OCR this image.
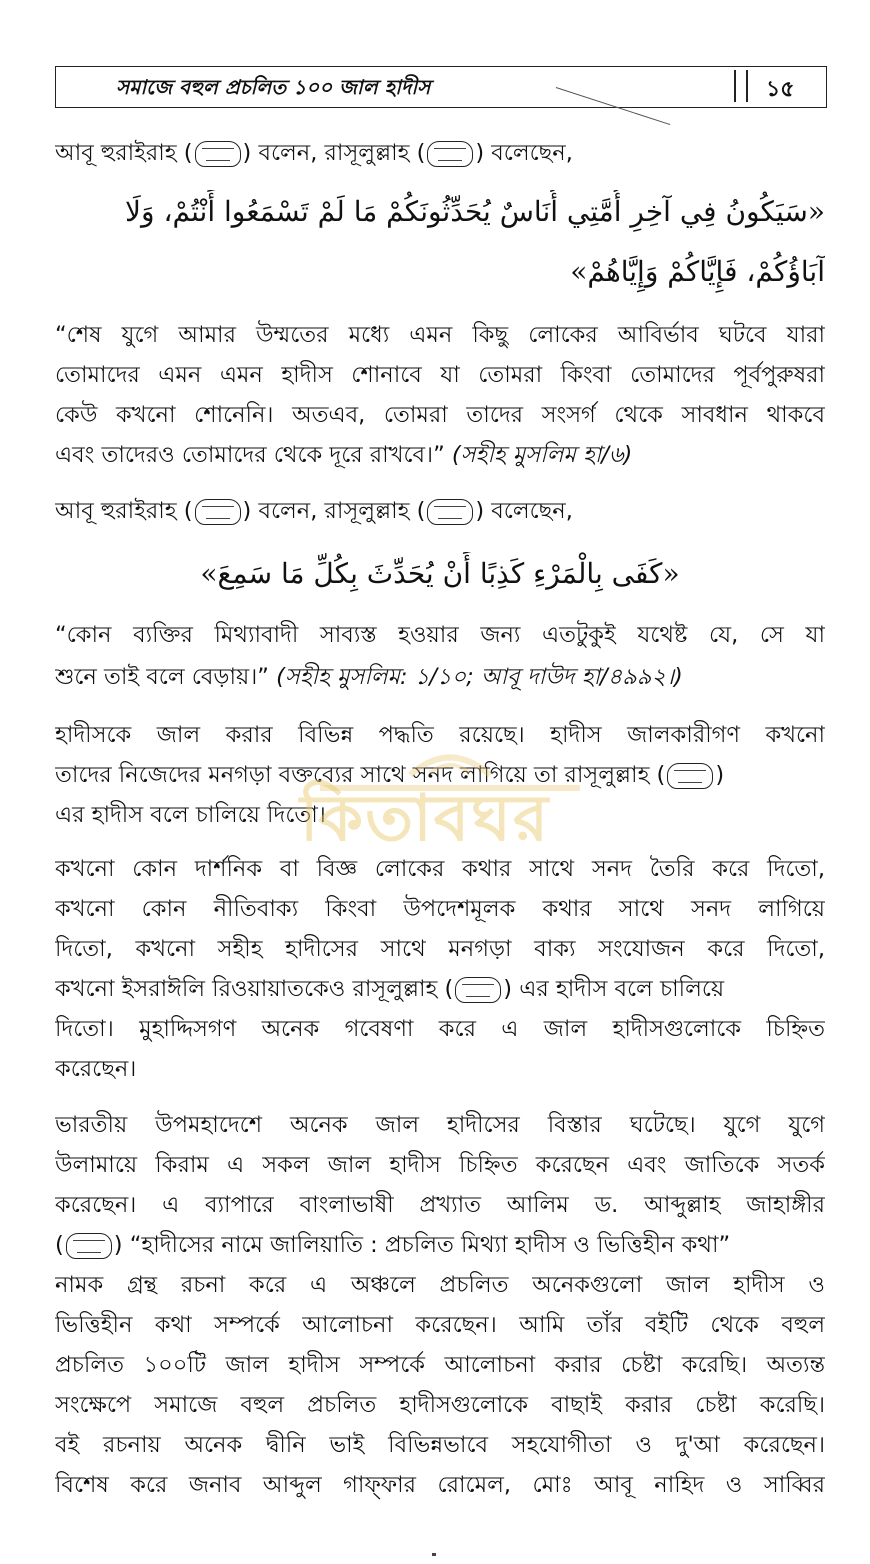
সমাজে বহুল প্রচলিত ১০০ জাল হাদীস	১৫
আবূ হুরাইরাহ ( ) বলেন, রাসূলুল্লাহ ( ) বলেছেন,
«سَيَكُونُ فِي آخِرِ أُمَّتِي أُنَاسٌ يُحَدِّثُونَكُمْ مَا لَمْ تَسْمَعُوا أَنْتُمْ، وَلَا
آبَاؤُكُمْ، فَإِيَّاكُمْ وَإِيَّاهُمْ»
“শেষ যুগে আমার উম্মতের মধ্যে এমন কিছু লোকের আবির্ভাব ঘটবে যারা
তোমাদের এমন এমন হাদীস শোনাবে যা তোমরা কিংবা তোমাদের পূর্বপুরুষরা
কেউ কখনো শোনেনি। অতএব, তোমরা তাদের সংসর্গ থেকে সাবধান থাকবে
এবং তাদেরও তোমাদের থেকে দূরে রাখবে।” (সহীহ মুসলিম হা/৬)
আবূ হুরাইরাহ ( ) বলেন, রাসূলুল্লাহ ( ) বলেছেন,
«كَفَى بِالْمَرْءِ كَذِبًا أَنْ يُحَدِّثَ بِكُلِّ مَا سَمِعَ»
“কোন ব্যক্তির মিথ্যাবাদী সাব্যস্ত হওয়ার জন্য এতটুকুই যথেষ্ট যে, সে যা
শুনে তাই বলে বেড়ায়।” (সহীহ মুসলিম: ১/১০; আবূ দাউদ হা/৪৯৯২।)
হাদীসকে জাল করার বিভিন্ন পদ্ধতি রয়েছে। হাদীস জালকারীগণ কখনো
তাদের নিজেদের মনগড়া বক্তব্যের সাথে সনদ লাগিয়ে তা রাসূলুল্লাহ ( )
এর হাদীস বলে চালিয়ে দিতো।
কখনো কোন দার্শনিক বা বিজ্ঞ লোকের কথার সাথে সনদ তৈরি করে দিতো,
কখনো কোন নীতিবাক্য কিংবা উপদেশমূলক কথার সাথে সনদ লাগিয়ে
দিতো, কখনো সহীহ হাদীসের সাথে মনগড়া বাক্য সংযোজন করে দিতো,
কখনো ইসরাঈলি রিওয়ায়াতকেও রাসূলুল্লাহ ( ) এর হাদীস বলে চালিয়ে
দিতো। মুহাদ্দিসগণ অনেক গবেষণা করে এ জাল হাদীসগুলোকে চিহ্নিত
করেছেন।
ভারতীয় উপমহাদেশে অনেক জাল হাদীসের বিস্তার ঘটেছে। যুগে যুগে
উলামায়ে কিরাম এ সকল জাল হাদীস চিহ্নিত করেছেন এবং জাতিকে সতর্ক
করেছেন। এ ব্যাপারে বাংলাভাষী প্রখ্যাত আলিম ড. আব্দুল্লাহ জাহাঙ্গীর
( ) “হাদীসের নামে জালিয়াতি : প্রচলিত মিথ্যা হাদীস ও ভিত্তিহীন কথা”
নামক গ্রন্থ রচনা করে এ অঞ্চলে প্রচলিত অনেকগুলো জাল হাদীস ও
ভিত্তিহীন কথা সম্পর্কে আলোচনা করেছেন। আমি তাঁর বইটি থেকে বহুল
প্রচলিত ১০০টি জাল হাদীস সম্পর্কে আলোচনা করার চেষ্টা করেছি। অত্যন্ত
সংক্ষেপে সমাজে বহুল প্রচলিত হাদীসগুলোকে বাছাই করার চেষ্টা করেছি।
বই রচনায় অনেক দ্বীনি ভাই বিভিন্নভাবে সহযোগীতা ও দু'আ করেছেন।
বিশেষ করে জনাব আব্দুল গাফ্‌ফার রোমেল, মোঃ আবূ নাহিদ ও সাব্বির
কিতাবঘর
